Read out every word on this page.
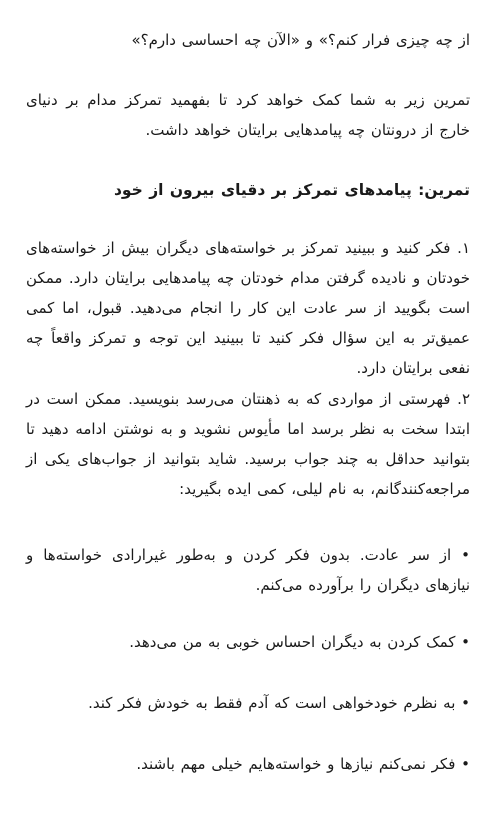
از چه چیزی فرار کنم؟» و «الآن چه احساسی دارم؟»

تمرین زیر به شما کمک خواهد کرد تا بفهمید تمرکز مدام بر دنیای خارج از درونتان چه پیامدهایی برایتان خواهد داشت.

تمرین: پیامدهای تمرکز بر دقیای بیرون از خود

۱. فکر کنید و ببینید تمرکز بر خواسته‌های دیگران بیش از خواسته‌های خودتان و نادیده گرفتن مدام خودتان چه پیامدهایی برایتان دارد. ممکن است بگویید از سر عادت این کار را انجام می‌دهید. قبول، اما کمی عمیق‌تر به این سؤال فکر کنید تا ببینید این توجه و تمرکز واقعاً چه نفعی برایتان دارد.

۲. فهرستی از مواردی که به ذهنتان می‌رسد بنویسید. ممکن است در ابتدا سخت به نظر برسد اما مأیوس نشوید و به نوشتن ادامه دهید تا بتوانید حداقل به چند جواب برسید. شاید بتوانید از جواب‌های یکی از مراجعه‌کنندگانم، به نام لیلی، کمی ایده بگیرید:

• از سر عادت. بدون فکر کردن و به‌طور غیرارادی خواسته‌ها و نیازهای دیگران را برآورده می‌کنم.

• کمک کردن به دیگران احساس خوبی به من می‌دهد.

• به نظرم خودخواهی است که آدم فقط به خودش فکر کند.

• فکر نمی‌کنم نیازها و خواسته‌هایم خیلی مهم باشند.
